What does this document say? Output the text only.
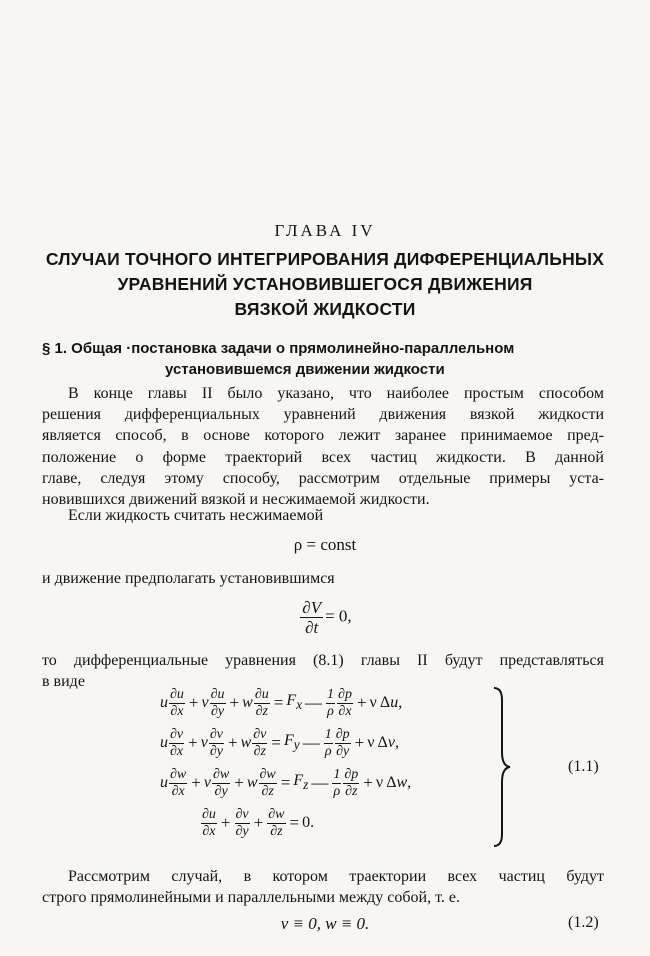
ГЛАВА IV
СЛУЧАИ ТОЧНОГО ИНТЕГРИРОВАНИЯ ДИФФЕРЕНЦИАЛЬНЫХ
УРАВНЕНИЙ УСТАНОВИВШЕГОСЯ ДВИЖЕНИЯ
ВЯЗКОЙ ЖИДКОСТИ
§ 1. Общая ·постановка задачи о прямолинейно-параллельном
установившемся движении жидкости
В конце главы II было указано, что наиболее простым способом
решения дифференциальных уравнений движения вязкой жидкости
является способ, в основе которого лежит заранее принимаемое пред-
положение о форме траекторий всех частиц жидкости. В данной
главе, следуя этому способу, рассмотрим отдельные примеры уста-
новившихся движений вязкой и несжимаемой жидкости.
Если жидкость считать несжимаемой
ρ = const
и движение предполагать установившимся
$\frac{\partial V}{\partial t} = 0$,
то дифференциальные уравнения (8.1) главы II будут представляться
в виде
u ∂u
∂x + v ∂u
∂y + w $\frac{\partial u}{\partial z} = F_x$ — 1
ρ
∂p
∂x + ν Δ u ,
u ∂v
∂x + v ∂v
∂y + w $\frac{\partial v}{\partial z} = F_y$ — 1
ρ
∂p
∂y + ν Δ v ,
u ∂w
∂x + v ∂w
∂y + w $\frac{\partial w}{\partial z} = F_z$ — 1
ρ
∂p
∂z + ν Δ w ,
∂u
$\partial x + \frac{\partial v}{\partial y} + \frac{\partial w}{\partial z} = 0$.
(1.1)
Рассмотрим случай, в котором траектории всех частиц будут
строго прямолинейными и параллельными между собой, т. е.
v ≡ 0, w ≡ 0.	(1.2)
